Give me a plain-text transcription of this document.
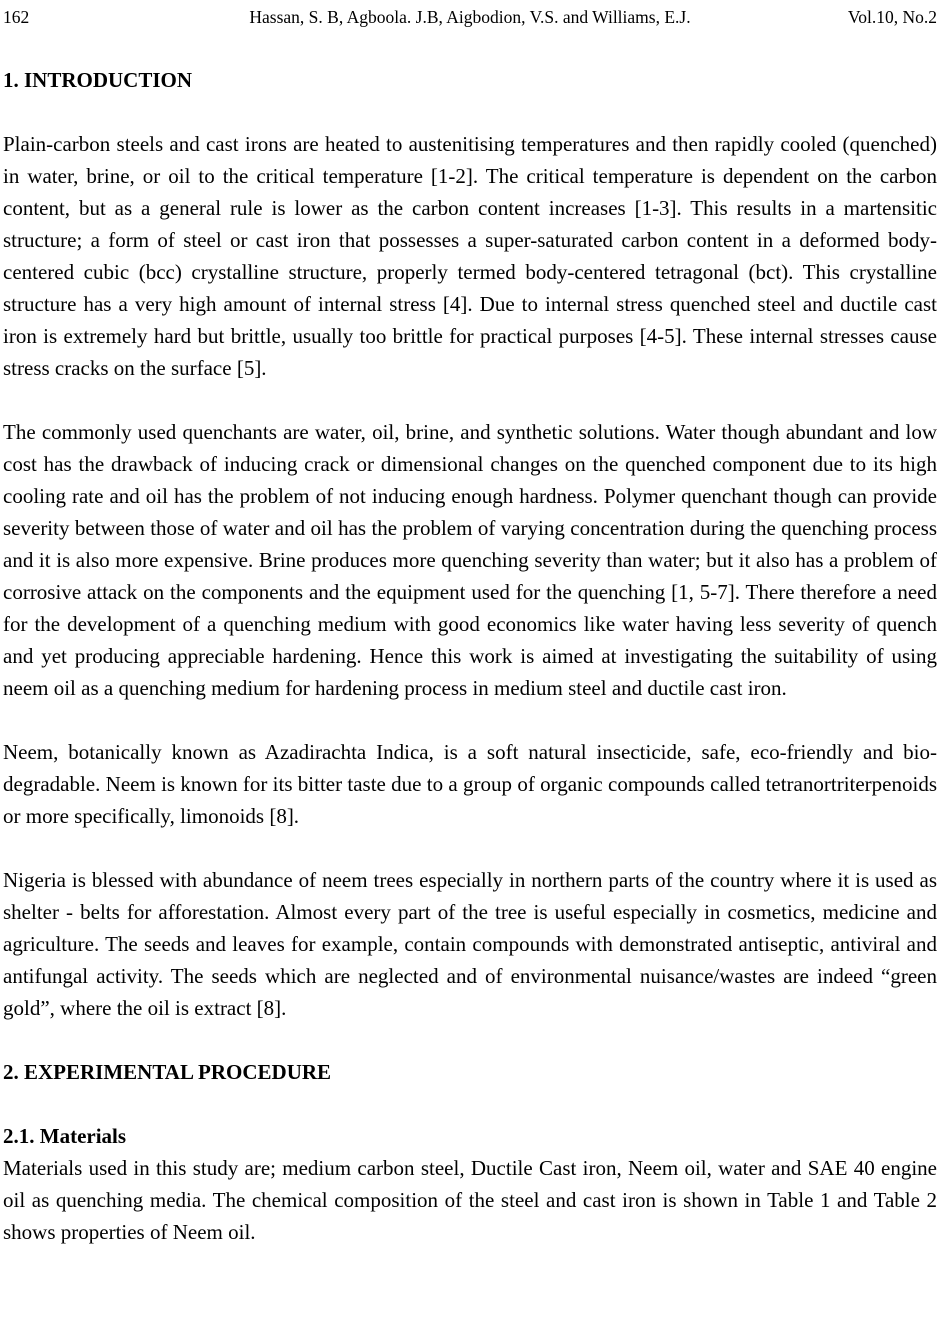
162	Hassan, S. B, Agboola. J.B, Aigbodion, V.S. and Williams, E.J.	Vol.10, No.2
1. INTRODUCTION

Plain-carbon steels and cast irons are heated to austenitising temperatures and then rapidly cooled (quenched) in water, brine, or oil to the critical temperature [1-2]. The critical temperature is dependent on the carbon content, but as a general rule is lower as the carbon content increases [1-3]. This results in a martensitic structure; a form of steel or cast iron that possesses a super-saturated carbon content in a deformed body-centered cubic (bcc) crystalline structure, properly termed body-centered tetragonal (bct). This crystalline structure has a very high amount of internal stress [4]. Due to internal stress quenched steel and ductile cast iron is extremely hard but brittle, usually too brittle for practical purposes [4-5]. These internal stresses cause stress cracks on the surface [5].

The commonly used quenchants are water, oil, brine, and synthetic solutions. Water though abundant and low cost has the drawback of inducing crack or dimensional changes on the quenched component due to its high cooling rate and oil has the problem of not inducing enough hardness. Polymer quenchant though can provide severity between those of water and oil has the problem of varying concentration during the quenching process and it is also more expensive. Brine produces more quenching severity than water; but it also has a problem of corrosive attack on the components and the equipment used for the quenching [1, 5-7]. There therefore a need for the development of a quenching medium with good economics like water having less severity of quench and yet producing appreciable hardening. Hence this work is aimed at investigating the suitability of using neem oil as a quenching medium for hardening process in medium steel and ductile cast iron.

Neem, botanically known as Azadirachta Indica, is a soft natural insecticide, safe, eco-friendly and bio-degradable. Neem is known for its bitter taste due to a group of organic compounds called tetranortriterpenoids or more specifically, limonoids [8].

Nigeria is blessed with abundance of neem trees especially in northern parts of the country where it is used as shelter - belts for afforestation. Almost every part of the tree is useful especially in cosmetics, medicine and agriculture. The seeds and leaves for example, contain compounds with demonstrated antiseptic, antiviral and antifungal activity. The seeds which are neglected and of environmental nuisance/wastes are indeed “green gold”, where the oil is extract [8].

2. EXPERIMENTAL PROCEDURE
2.1. Materials

Materials used in this study are; medium carbon steel, Ductile Cast iron, Neem oil, water and SAE 40 engine oil as quenching media. The chemical composition of the steel and cast iron is shown in Table 1 and Table 2 shows properties of Neem oil.
